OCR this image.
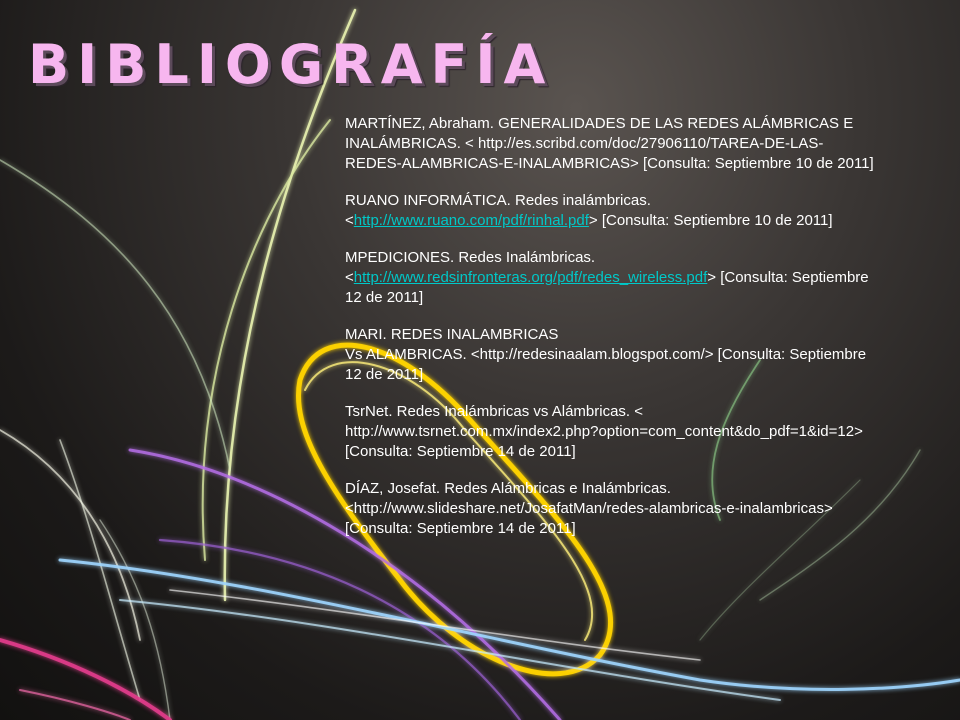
BIBLIOGRAFÍA
MARTÍNEZ, Abraham. GENERALIDADES DE LAS REDES ALÁMBRICAS E
INALÁMBRICAS. < http://es.scribd.com/doc/27906110/TAREA-DE-LAS-
REDES-ALAMBRICAS-E-INALAMBRICAS> [Consulta: Septiembre 10 de 2011]
RUANO INFORMÁTICA. Redes inalámbricas.
<http://www.ruano.com/pdf/rinhal.pdf> [Consulta: Septiembre 10 de 2011]
MPEDICIONES. Redes Inalámbricas.
<http://www.redsinfronteras.org/pdf/redes_wireless.pdf> [Consulta: Septiembre
12 de 2011]
MARI. REDES INALAMBRICAS
Vs ALAMBRICAS. <http://redesinaalam.blogspot.com/> [Consulta: Septiembre
12 de 2011]
TsrNet. Redes Inalámbricas vs Alámbricas. <
http://www.tsrnet.com.mx/index2.php?option=com_content&do_pdf=1&id=12>
[Consulta: Septiembre 14 de 2011]
DÍAZ, Josefat. Redes Alámbricas e Inalámbricas.
<http://www.slideshare.net/JosafatMan/redes-alambricas-e-inalambricas>
[Consulta: Septiembre 14 de 2011]
